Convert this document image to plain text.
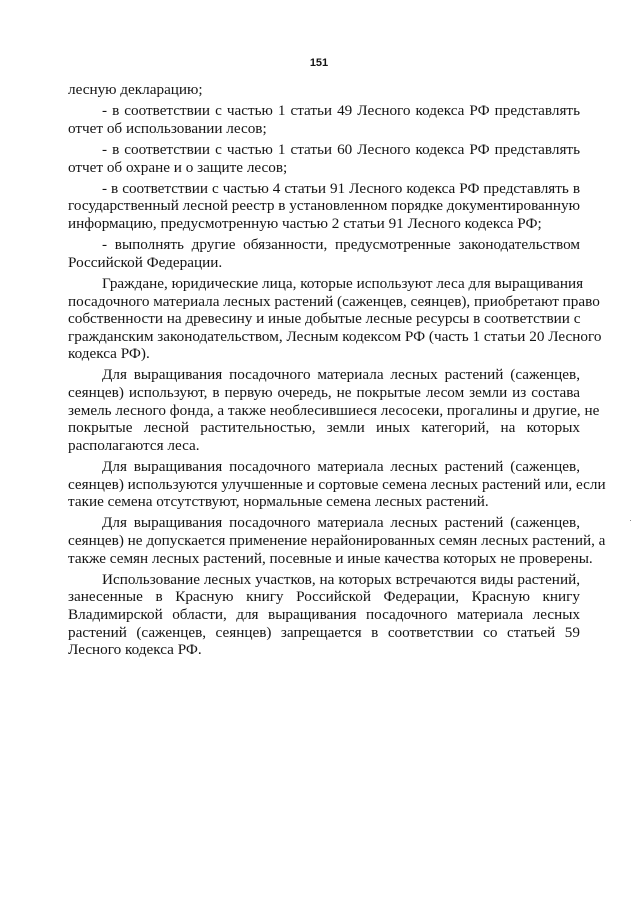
151
лесную декларацию;
- в соответствии с частью 1 статьи 49 Лесного кодекса РФ представлять
отчет об использовании лесов;
- в соответствии с частью 1 статьи 60 Лесного кодекса РФ представлять
отчет об охране и о защите лесов;
- в соответствии с частью 4 статьи 91 Лесного кодекса РФ представлять в
государственный лесной реестр в установленном порядке документированную
информацию, предусмотренную частью 2 статьи 91 Лесного кодекса РФ;
- выполнять другие обязанности, предусмотренные законодательством
Российской Федерации.
Граждане, юридические лица, которые используют леса для выращивания
посадочного материала лесных растений (саженцев, сеянцев), приобретают право
собственности на древесину и иные добытые лесные ресурсы в соответствии с
гражданским законодательством, Лесным кодексом РФ (часть 1 статьи 20 Лесного
кодекса РФ).
Для выращивания посадочного материала лесных растений (саженцев,
сеянцев) используют, в первую очередь, не покрытые лесом земли из состава
земель лесного фонда, а также необлесившиеся лесосеки, прогалины и другие, не
покрытые лесной растительностью, земли иных категорий, на которых
располагаются леса.
Для выращивания посадочного материала лесных растений (саженцев,
сеянцев) используются улучшенные и сортовые семена лесных растений или, если
такие семена отсутствуют, нормальные семена лесных растений.
Для выращивания посадочного материала лесных растений (саженцев,
сеянцев) не допускается применение нерайонированных семян лесных растений, а
также семян лесных растений, посевные и иные качества которых не проверены.
Использование лесных участков, на которых встречаются виды растений,
занесенные в Красную книгу Российской Федерации, Красную книгу
Владимирской области, для выращивания посадочного материала лесных
растений (саженцев, сеянцев) запрещается в соответствии со статьей 59
Лесного кодекса РФ.
